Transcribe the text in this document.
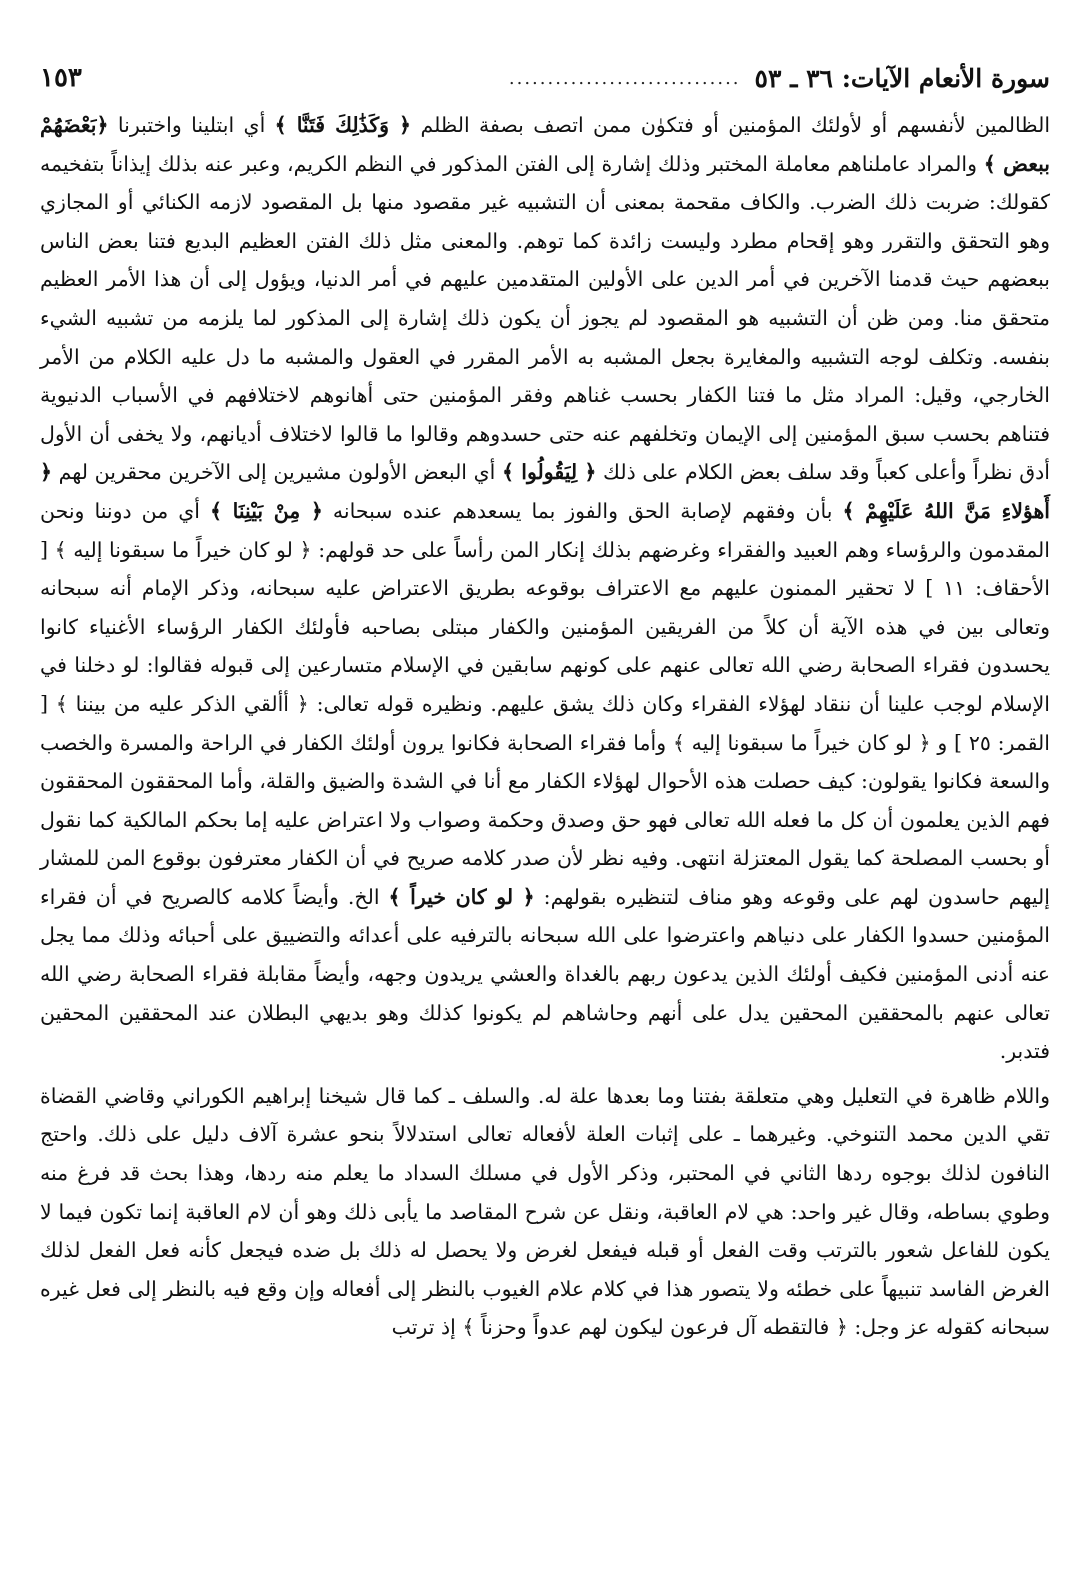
سورة الأنعام الآيات: ٣٦ ـ ٥٣
..............................
١٥٣

الظالمين لأنفسهم أو لأولئك المؤمنين أو فتكوٰن ممن اتصف بصفة الظلم ﴿ وَكَذَٰلِكَ فَتَنَّا ﴾ أي ابتلينا واختبرنا ﴿بَعْضَهُمْ ببعض ﴾ والمراد عاملناهم معاملة المختبر وذلك إشارة إلى الفتن المذكور في النظم الكريم، وعبر عنه بذلك إيذاناً بتفخيمه كقولك: ضربت ذلك الضرب. والكاف مقحمة بمعنى أن التشبيه غير مقصود منها بل المقصود لازمه الكنائي أو المجازي وهو التحقق والتقرر وهو إقحام مطرد وليست زائدة كما توهم. والمعنى مثل ذلك الفتن العظيم البديع فتنا بعض الناس ببعضهم حيث قدمنا الآخرين في أمر الدين على الأولين المتقدمين عليهم في أمر الدنيا، ويؤول إلى أن هذا الأمر العظيم متحقق منا. ومن ظن أن التشبيه هو المقصود لم يجوز أن يكون ذلك إشارة إلى المذكور لما يلزمه من تشبيه الشيء بنفسه. وتكلف لوجه التشبيه والمغايرة بجعل المشبه به الأمر المقرر في العقول والمشبه ما دل عليه الكلام من الأمر الخارجي، وقيل: المراد مثل ما فتنا الكفار بحسب غناهم وفقر المؤمنين حتى أهانوهم لاختلافهم في الأسباب الدنيوية فتناهم بحسب سبق المؤمنين إلى الإيمان وتخلفهم عنه حتى حسدوهم وقالوا ما قالوا لاختلاف أديانهم، ولا يخفى أن الأول أدق نظراً وأعلى كعباً وقد سلف بعض الكلام على ذلك ﴿ لِيَقُولُوا ﴾ أي البعض الأولون مشيرين إلى الآخرين محقرين لهم ﴿ أَهؤلاءِ مَنَّ اللهُ عَلَيْهِمْ ﴾ بأن وفقهم لإصابة الحق والفوز بما يسعدهم عنده سبحانه ﴿ مِنْ بَيْنِنَا ﴾ أي من دوننا ونحن المقدمون والرؤساء وهم العبيد والفقراء وغرضهم بذلك إنكار المن رأساً على حد قولهم: ﴿ لو كان خيراً ما سبقونا إليه ﴾ [ الأحقاف: ١١ ] لا تحقير الممنون عليهم مع الاعتراف بوقوعه بطريق الاعتراض عليه سبحانه، وذكر الإمام أنه سبحانه وتعالى بين في هذه الآية أن كلاً من الفريقين المؤمنين والكفار مبتلى بصاحبه فأولئك الكفار الرؤساء الأغنياء كانوا يحسدون فقراء الصحابة رضي الله تعالى عنهم على كونهم سابقين في الإسلام متسارعين إلى قبوله فقالوا: لو دخلنا في الإسلام لوجب علينا أن ننقاد لهؤلاء الفقراء وكان ذلك يشق عليهم. ونظيره قوله تعالى: ﴿ أألقي الذكر عليه من بيننا ﴾ [ القمر: ٢٥ ] و ﴿ لو كان خيراً ما سبقونا إليه ﴾ وأما فقراء الصحابة فكانوا يرون أولئك الكفار في الراحة والمسرة والخصب والسعة فكانوا يقولون: كيف حصلت هذه الأحوال لهؤلاء الكفار مع أنا في الشدة والضيق والقلة، وأما المحققون المحققون فهم الذين يعلمون أن كل ما فعله الله تعالى فهو حق وصدق وحكمة وصواب ولا اعتراض عليه إما بحكم المالكية كما نقول أو بحسب المصلحة كما يقول المعتزلة انتهى. وفيه نظر لأن صدر كلامه صريح في أن الكفار معترفون بوقوع المن للمشار إليهم حاسدون لهم على وقوعه وهو مناف لتنظيره بقولهم: ﴿ لو كان خيراً ﴾ الخ. وأيضاً كلامه كالصريح في أن فقراء المؤمنين حسدوا الكفار على دنياهم واعترضوا على الله سبحانه بالترفيه على أعدائه والتضييق على أحبائه وذلك مما يجل عنه أدنى المؤمنين فكيف أولئك الذين يدعون ربهم بالغداة والعشي يريدون وجهه، وأيضاً مقابلة فقراء الصحابة رضي الله تعالى عنهم بالمحققين المحقين يدل على أنهم وحاشاهم لم يكونوا كذلك وهو بديهي البطلان عند المحققين المحقين فتدبر.

واللام ظاهرة في التعليل وهي متعلقة بفتنا وما بعدها علة له. والسلف ـ كما قال شيخنا إبراهيم الكوراني وقاضي القضاة تقي الدين محمد التنوخي. وغيرهما ـ على إثبات العلة لأفعاله تعالى استدلالاً بنحو عشرة آلاف دليل على ذلك. واحتج النافون لذلك بوجوه ردها الثاني في المحتبر، وذكر الأول في مسلك السداد ما يعلم منه ردها، وهذا بحث قد فرغ منه وطوي بساطه، وقال غير واحد: هي لام العاقبة، ونقل عن شرح المقاصد ما يأبى ذلك وهو أن لام العاقبة إنما تكون فيما لا يكون للفاعل شعور بالترتب وقت الفعل أو قبله فيفعل لغرض ولا يحصل له ذلك بل ضده فيجعل كأنه فعل الفعل لذلك الغرض الفاسد تنبيهاً على خطئه ولا يتصور هذا في كلام علام الغيوب بالنظر إلى أفعاله وإن وقع فيه بالنظر إلى فعل غيره سبحانه كقوله عز وجل: ﴿ فالتقطه آل فرعون ليكون لهم عدواً وحزناً ﴾ إذ ترتب
